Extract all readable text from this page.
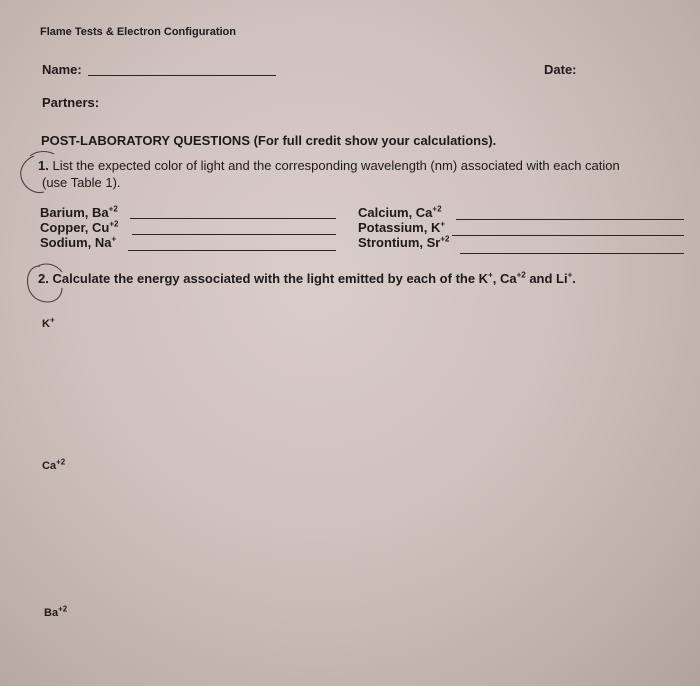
Flame Tests & Electron Configuration
Name:	Date:
Partners:
POST-LABORATORY QUESTIONS (For full credit show your calculations).
1. List the expected color of light and the corresponding wavelength (nm) associated with each cation
(use Table 1).
Barium, $Ba^{+2}$
Copper, $Cu^{+2}$
Sodium, Na+
Calcium, $Ca^{+2}$
Potassium, K+
Strontium, $Sr^{+2}$
2. Calculate the energy associated with the light emitted by each of the K+, $Ca^{+2}$ and Li+.
K+
$Ca^{+2}$
$Ba^{+2}$
